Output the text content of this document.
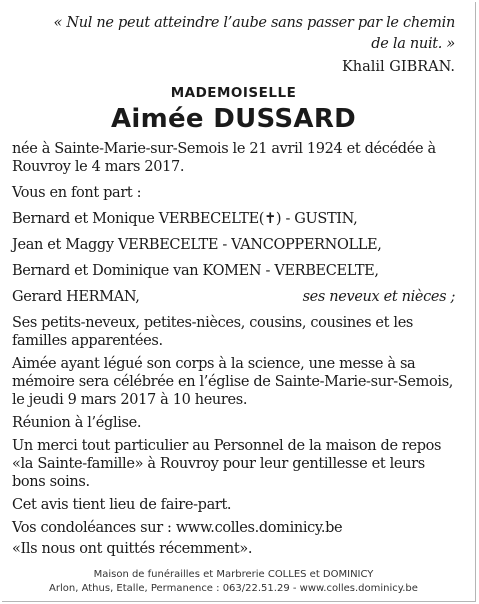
« Nul ne peut atteindre l’aube sans passer par le chemin
de la nuit. »

Khalil GIBRAN.

MADEMOISELLE

Aimée DUSSARD

née à Sainte-Marie-sur-Semois le 21 avril 1924 et décédée à Rouvroy le 4 mars 2017.

Vous en font part :

Bernard et Monique VERBECELTE(✝) - GUSTIN,

Jean et Maggy VERBECELTE - VANCOPPERNOLLE,

Bernard et Dominique van KOMEN - VERBECELTE,

Gerard HERMAN,	ses neveux et nièces ;

Ses petits-neveux, petites-nièces, cousins, cousines et les familles apparentées.

Aimée ayant légué son corps à la science, une messe à sa mémoire sera célébrée en l’église de Sainte-Marie-sur-Semois, le jeudi 9 mars 2017 à 10 heures.

Réunion à l’église.

Un merci tout particulier au Personnel de la maison de repos «la Sainte-famille» à Rouvroy pour leur gentillesse et leurs bons soins.

Cet avis tient lieu de faire-part.

Vos condoléances sur : www.colles.dominicy.be

«Ils nous ont quittés récemment».

Maison de funérailles et Marbrerie COLLES et DOMINICY
Arlon, Athus, Etalle, Permanence : 063/22.51.29 - www.colles.dominicy.be
